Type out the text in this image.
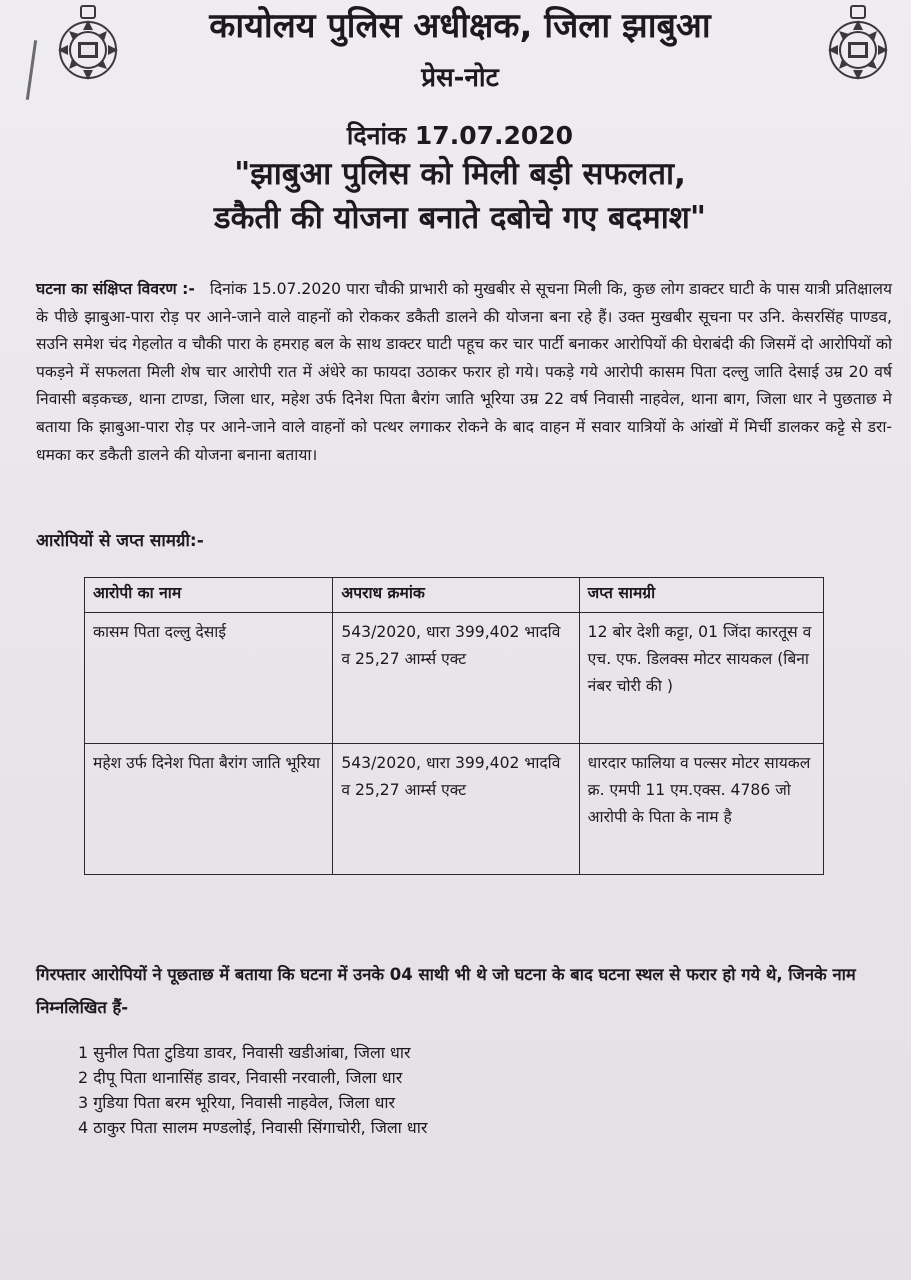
कायोलय पुलिस अधीक्षक, जिला झाबुआ
प्रेस-नोट
दिनांक 17.07.2020
"झाबुआ पुलिस को मिली बड़ी सफलता,
डकैती की योजना बनाते दबोचे गए बदमाश"
घटना का संक्षिप्त विवरण :- दिनांक 15.07.2020 पारा चौकी प्राभारी को मुखबीर से सूचना मिली कि, कुछ लोग डाक्टर घाटी के पास यात्री प्रतिक्षालय के पीछे झाबुआ-पारा रोड़ पर आने-जाने वाले वाहनों को रोककर डकैती डालने की योजना बना रहे हैं। उक्त मुखबीर सूचना पर उनि. केसरसिंह पाण्डव, सउनि समेश चंद गेहलोत व चौकी पारा के हमराह बल के साथ डाक्टर घाटी पहूच कर चार पार्टी बनाकर आरोपियों की घेराबंदी की जिसमें दो आरोपियों को पकड़ने में सफलता मिली शेष चार आरोपी रात में अंधेरे का फायदा उठाकर फरार हो गये। पकड़े गये आरोपी कासम पिता दल्लु जाति देसाई उम्र 20 वर्ष निवासी बड़कच्छ, थाना टाण्डा, जिला धार, महेश उर्फ दिनेश पिता बैरांग जाति भूरिया उम्र 22 वर्ष निवासी नाहवेल, थाना बाग, जिला धार ने पुछताछ मे बताया कि झाबुआ-पारा रोड़ पर आने-जाने वाले वाहनों को पत्थर लगाकर रोकने के बाद वाहन में सवार यात्रियों के आंखों में मिर्ची डालकर कट्टे से डरा-धमका कर डकैती डालने की योजना बनाना बताया।
आरोपियों से जप्त सामग्री:-
आरोपी का नाम	अपराध क्रमांक	जप्त सामग्री
कासम पिता दल्लु देसाई	543/2020, धारा 399,402 भादवि व 25,27 आर्म्स एक्ट	12 बोर देशी कट्टा, 01 जिंदा कारतूस व एच. एफ. डिलक्स मोटर सायकल (बिना नंबर चोरी की )
महेश उर्फ दिनेश पिता बैरांग जाति भूरिया	543/2020, धारा 399,402 भादवि व 25,27 आर्म्स एक्ट	धारदार फालिया व पल्सर मोटर सायकल क्र. एमपी 11 एम.एक्स. 4786 जो आरोपी के पिता के नाम है
गिरफ्तार आरोपियों ने पूछताछ में बताया कि घटना में उनके 04 साथी भी थे जो घटना के बाद घटना स्थल से फरार हो गये थे, जिनके नाम निम्नलिखित हैं-
1 सुनील पिता टुडिया डावर, निवासी खडीआंबा, जिला धार
2 दीपू पिता थानासिंह डावर, निवासी नरवाली, जिला धार
3 गुडिया पिता बरम भूरिया, निवासी नाहवेल, जिला धार
4 ठाकुर पिता सालम मण्डलोई, निवासी सिंगाचोरी, जिला धार
